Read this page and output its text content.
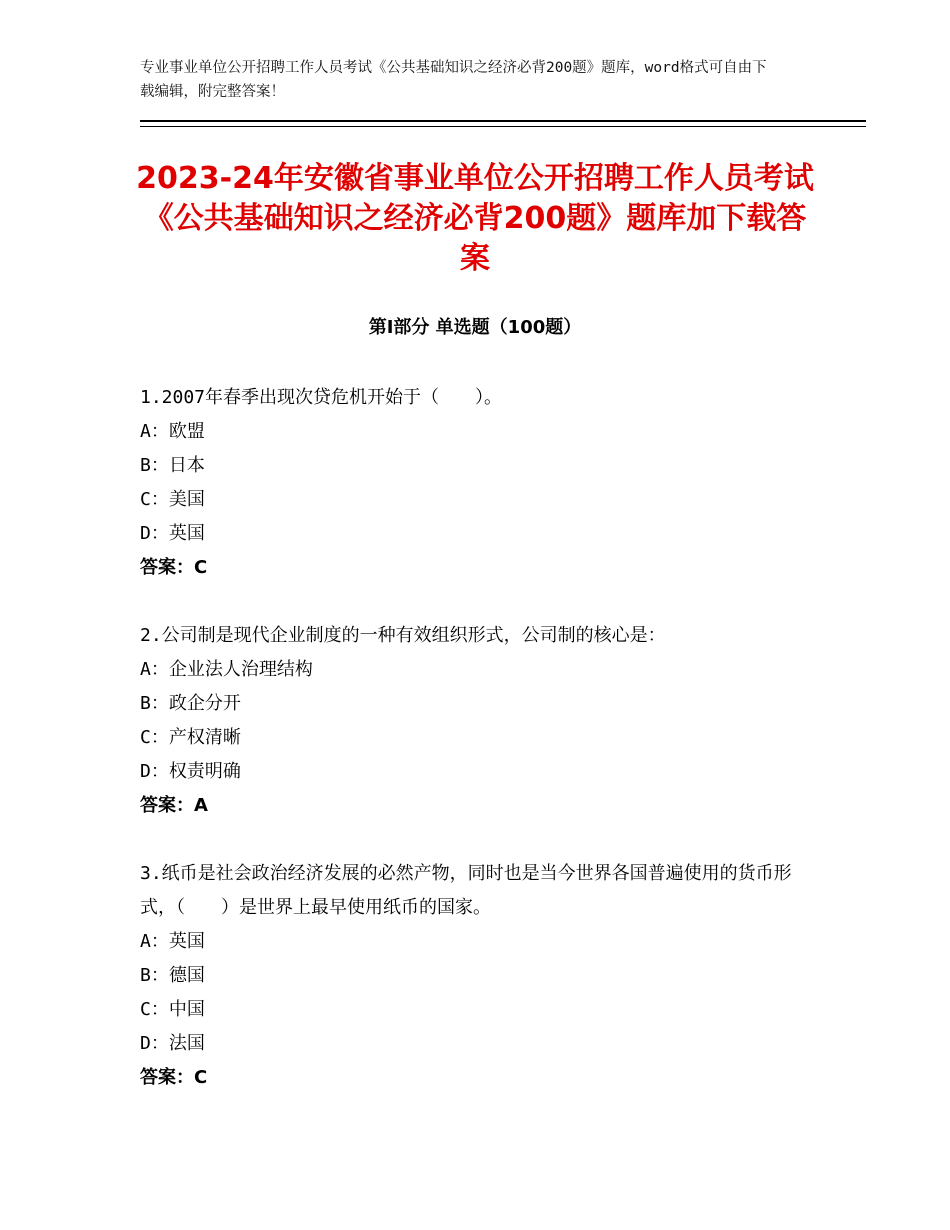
专业事业单位公开招聘工作人员考试《公共基础知识之经济必背200题》题库，word格式可自由下载编辑，附完整答案！
2023-24年安徽省事业单位公开招聘工作人员考试《公共基础知识之经济必背200题》题库加下载答案
第Ⅰ部分 单选题（100题）
1.2007年春季出现次贷危机开始于（　　）。
A：欧盟
B：日本
C：美国
D：英国
答案：C
2.公司制是现代企业制度的一种有效组织形式，公司制的核心是：
A：企业法人治理结构
B：政企分开
C：产权清晰
D：权责明确
答案：A
3.纸币是社会政治经济发展的必然产物，同时也是当今世界各国普遍使用的货币形式，（　　）是世界上最早使用纸币的国家。
A：英国
B：德国
C：中国
D：法国
答案：C
